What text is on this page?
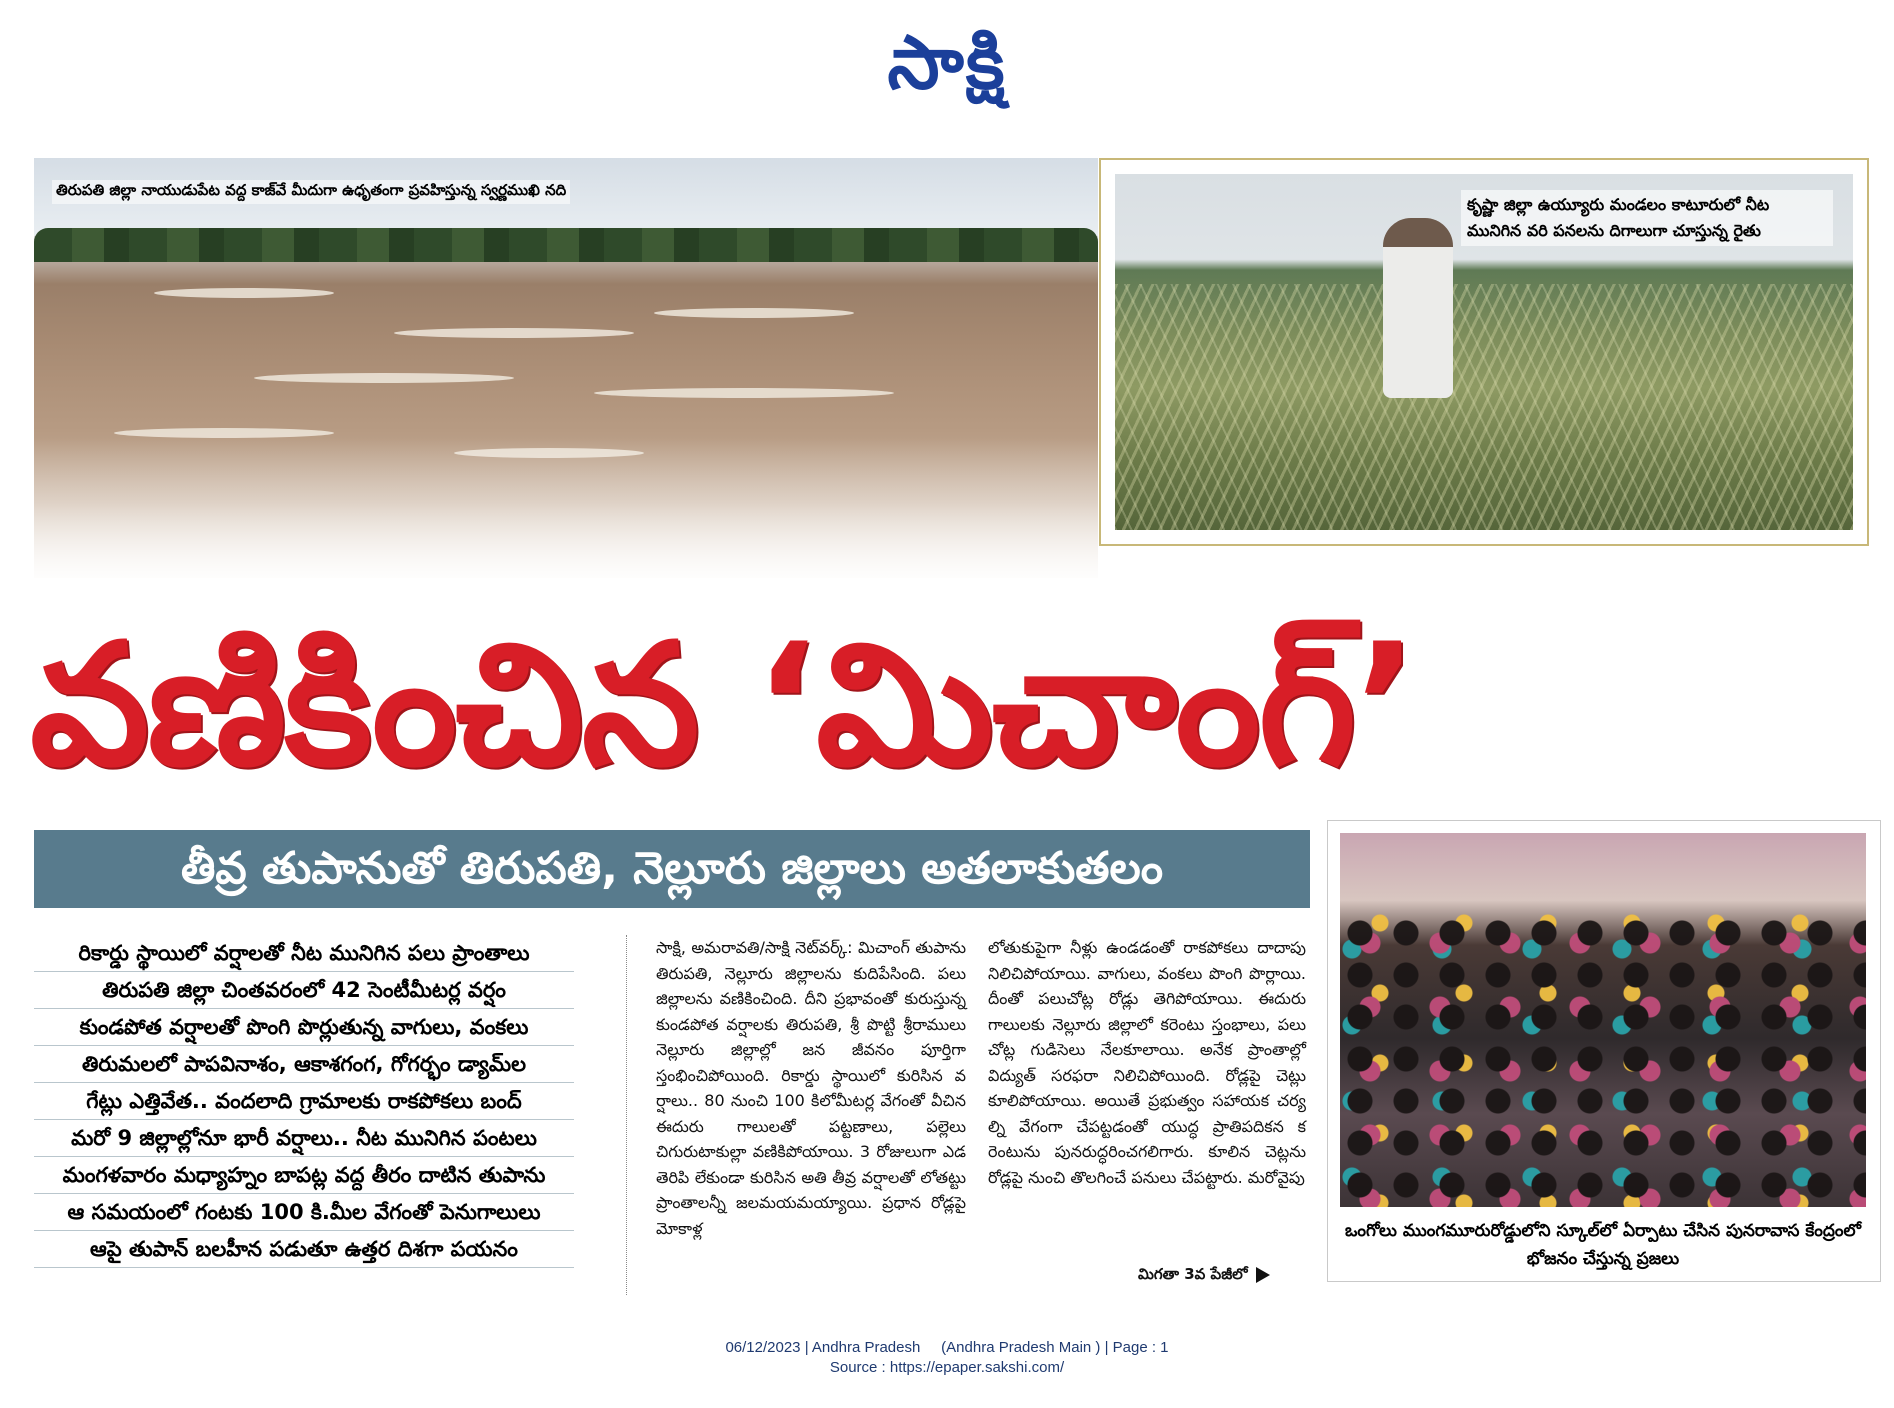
సాక్షి
తిరుపతి జిల్లా నాయుడుపేట వద్ద కాజ్‌వే మీదుగా ఉధృతంగా ప్రవహిస్తున్న స్వర్ణముఖి నది
కృష్ణా జిల్లా ఉయ్యూరు మండలం కాటూరులో నీట మునిగిన వరి పనలను దిగాలుగా చూస్తున్న రైతు
వణికించిన ‘మిచాంగ్‌’
తీవ్ర తుపానుతో తిరుపతి, నెల్లూరు జిల్లాలు అతలాకుతలం
ఒంగోలు ముంగమూరురోడ్డులోని స్కూల్‌లో ఏర్పాటు చేసిన పునరావాస కేంద్రంలో భోజనం చేస్తున్న ప్రజలు
రికార్డు స్థాయిలో వర్షాలతో నీట మునిగిన పలు ప్రాంతాలు
తిరుపతి జిల్లా చింతవరంలో 42 సెంటీమీటర్ల వర్షం
కుండపోత వర్షాలతో పొంగి పొర్లుతున్న వాగులు, వంకలు
తిరుమలలో పాపవినాశం, ఆకాశగంగ, గోగర్భం డ్యామ్‌ల
గేట్లు ఎత్తివేత.. వందలాది గ్రామాలకు రాకపోకలు బంద్‌
మరో 9 జిల్లాల్లోనూ భారీ వర్షాలు.. నీట మునిగిన పంటలు
మంగళవారం మధ్యాహ్నం బాపట్ల వద్ద తీరం దాటిన తుపాను
ఆ సమయంలో గంటకు 100 కి.మీల వేగంతో పెనుగాలులు
ఆపై తుపాన్‌ బలహీన పడుతూ ఉత్తర దిశగా పయనం
సాక్షి, అమరావతి/సాక్షి నెట్‌వర్క్‌: మిచాంగ్‌ తుపాను తిరుపతి, నెల్లూరు జిల్లాలను కుదిపేసింది. పలు జిల్లాలను వణికించింది. దీని ప్రభావంతో కురుస్తున్న కుండపోత వర్షాలకు తిరుపతి, శ్రీ పొట్టి శ్రీరాములు నెల్లూరు జిల్లాల్లో జన జీవనం పూర్తిగా స్తంభించిపోయింది. రికార్డు స్థాయిలో కురిసిన వర్షాలు.. 80 నుంచి 100 కిలోమీటర్ల వేగంతో వీచిన ఈదురు గాలులతో పట్టణాలు, పల్లెలు చిగురుటాకుల్లా వణికిపోయాయి. 3 రోజులుగా ఎడతెరిపి లేకుండా కురిసిన అతి తీవ్ర వర్షాలతో లోతట్టు ప్రాంతాలన్నీ జలమయమయ్యాయి. ప్రధాన రోడ్లపై మోకాళ్ల
లోతుకుపైగా నీళ్లు ఉండడంతో రాకపోకలు దాదాపు నిలిచిపోయాయి. వాగులు, వంకలు పొంగి పొర్లాయి. దీంతో పలుచోట్ల రోడ్లు తెగిపోయాయి. ఈదురు గాలులకు నెల్లూరు జిల్లాలో కరెంటు స్తంభాలు, పలు చోట్ల గుడిసెలు నేలకూలాయి. అనేక ప్రాంతాల్లో విద్యుత్‌ సరఫరా నిలిచిపోయింది. రోడ్లపై చెట్లు కూలిపోయాయి. అయితే ప్రభుత్వం సహాయక చర్యల్ని వేగంగా చేపట్టడంతో యుద్ధ ప్రాతిపదికన కరెంటును పునరుద్ధరించగలిగారు. కూలిన చెట్లను రోడ్లపై నుంచి తొలగించే పనులు చేపట్టారు. మరోవైపు
మిగతా 3వ పేజీలో
06/12/2023 | Andhra Pradesh     (Andhra Pradesh Main ) | Page : 1
Source : https://epaper.sakshi.com/
